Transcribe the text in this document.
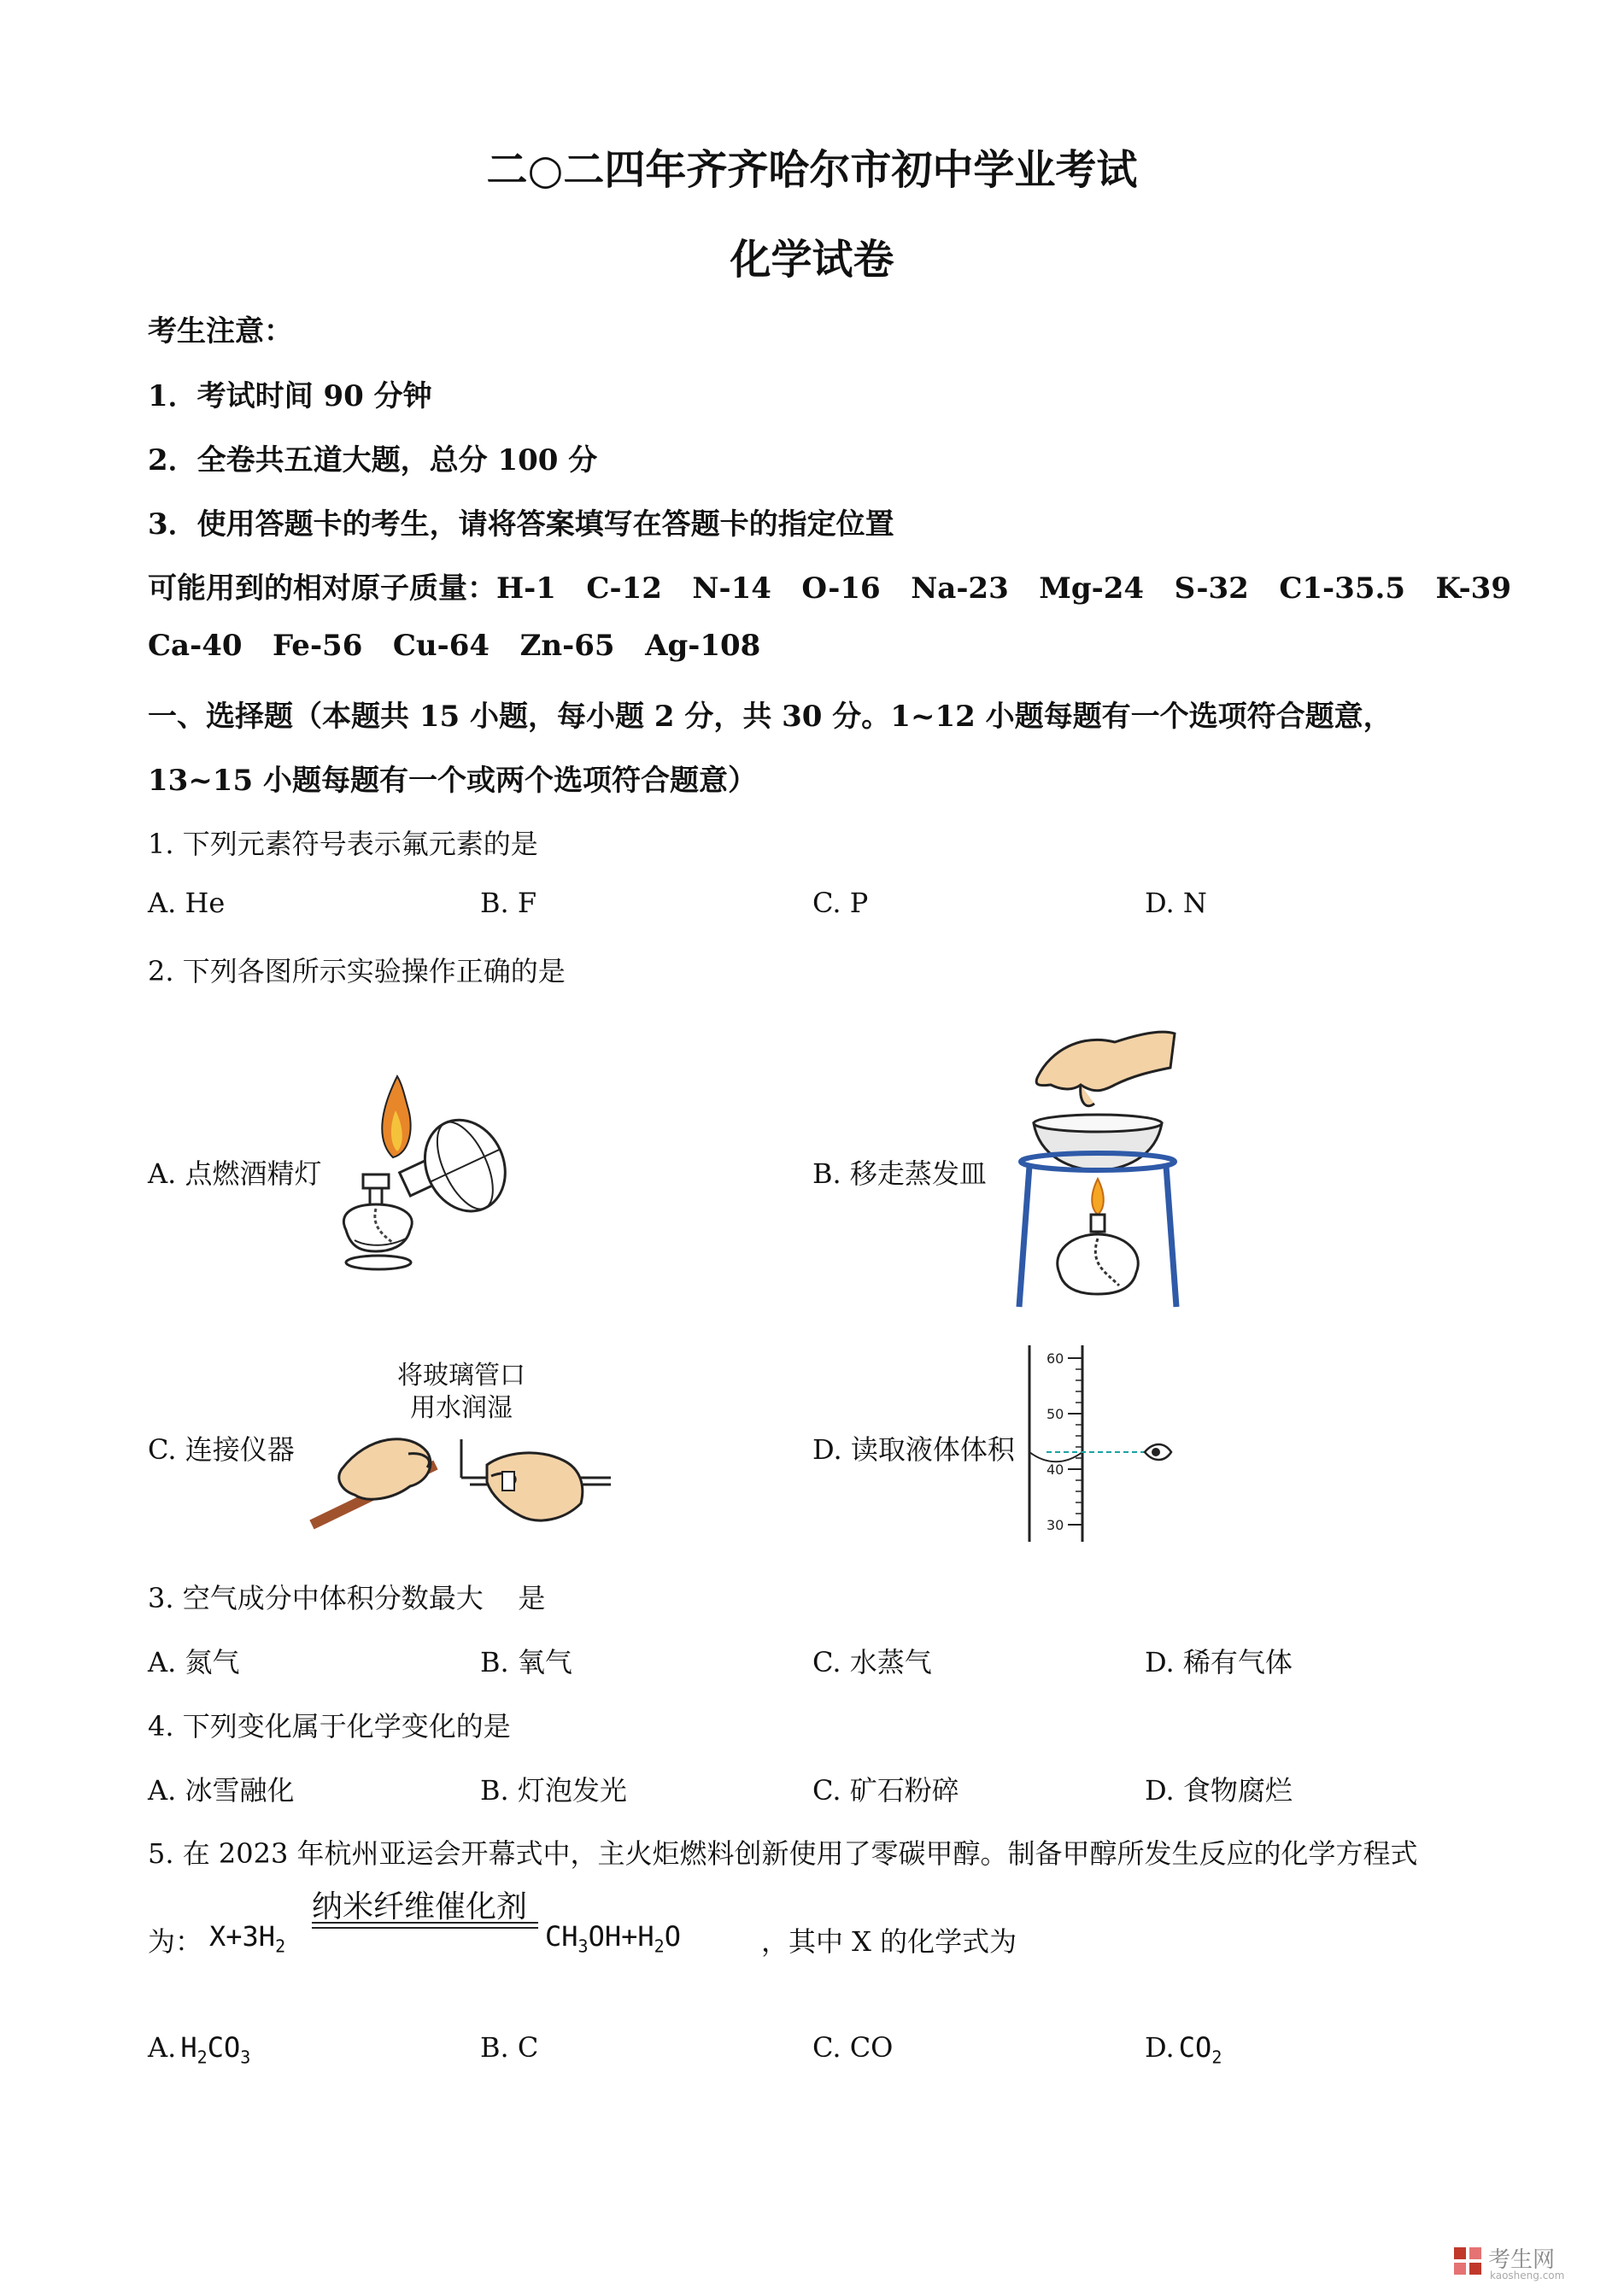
二○二四年齐齐哈尔市初中学业考试
化学试卷
考生注意：
1．考试时间 90 分钟
2．全卷共五道大题，总分 100 分
3．使用答题卡的考生，请将答案填写在答题卡的指定位置
可能用到的相对原子质量：H-1   C-12   N-14   O-16   Na-23   Mg-24   S-32   C1-35.5   K-39
Ca-40   Fe-56   Cu-64   Zn-65   Ag-108
一、选择题（本题共 15 小题，每小题 2 分，共 30 分。1~12 小题每题有一个选项符合题意，
13~15 小题每题有一个或两个选项符合题意）
1. 下列元素符号表示氟元素的是
A. He	B. F	C. P	D. N
2. 下列各图所示实验操作正确的是
A. 点燃酒精灯	B. 移走蒸发皿
C. 连接仪器	D. 读取液体体积
将玻璃管口
用水润湿
60
50
40
30
3. 空气成分中体积分数最大    是
A. 氮气	B. 氧气	C. 水蒸气	D. 稀有气体
4. 下列变化属于化学变化的是
A. 冰雪融化	B. 灯泡发光	C. 矿石粉碎	D. 食物腐烂
5. 在 2023 年杭州亚运会开幕式中，主火炬燃料创新使用了零碳甲醇。制备甲醇所发生反应的化学方程式
为： $X+3H_2$
纳米纤维催化剂
$CH_3OH+H_2O$	，其中 X 的化学式为
A. $H_2CO_3$	B. C	C. CO	D. $CO_2$
考生网
kaosheng.com
